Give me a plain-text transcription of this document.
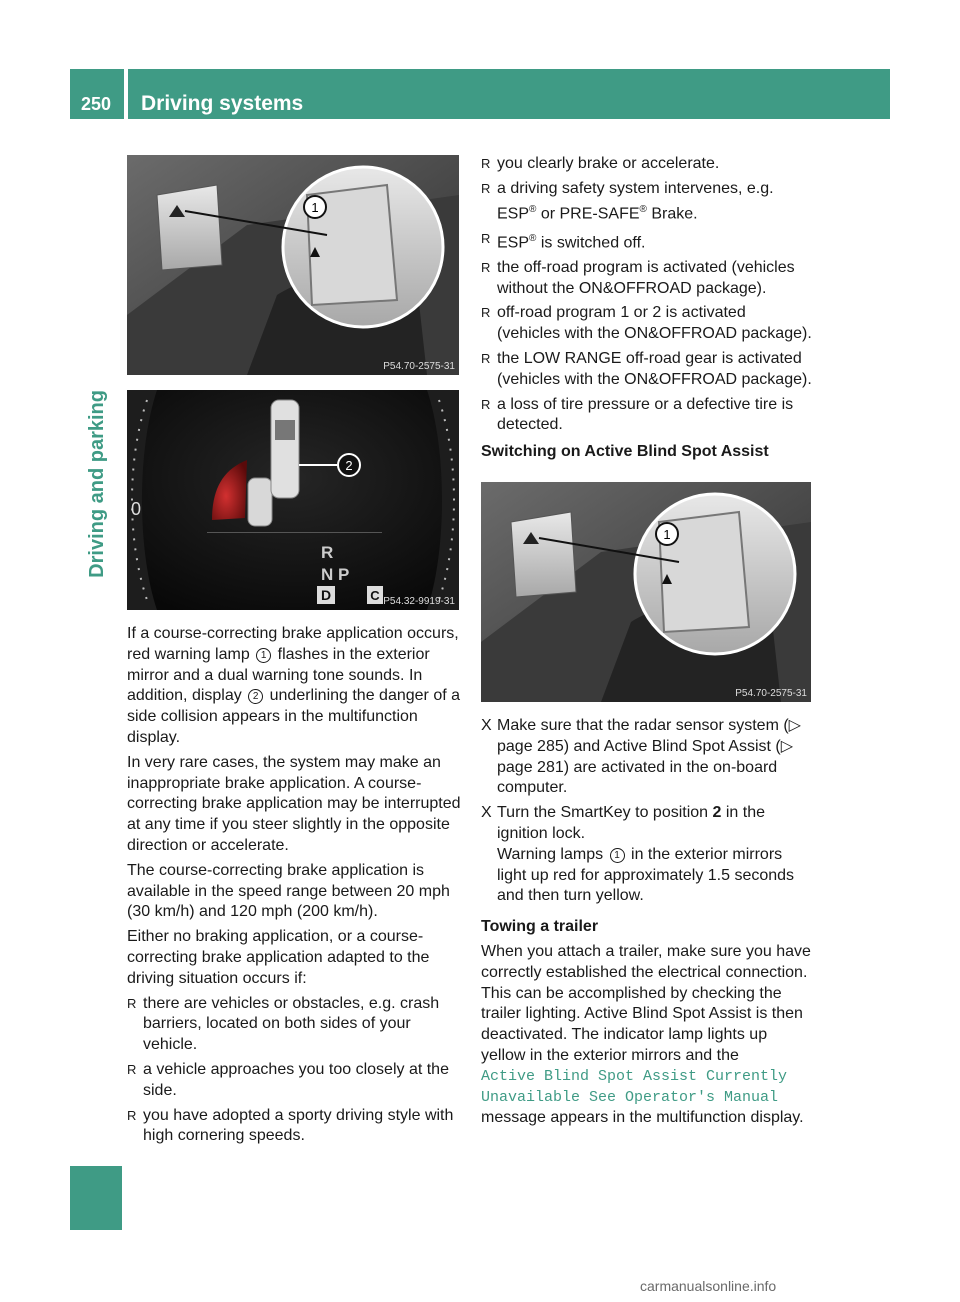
250	Driving systems
Driving and parking
1
P54.70-2575-31
2
R
N P
D	C
0
P54.32-9919-31
1
P54.70-2575-31

If a course-correcting brake application occurs, red warning lamp 1 flashes in the exterior mirror and a dual warning tone sounds. In addition, display 2 underlining the danger of a side collision appears in the multifunction display.

In very rare cases, the system may make an inappropriate brake application. A course-correcting brake application may be interrupted at any time if you steer slightly in the opposite direction or accelerate.

The course-correcting brake application is available in the speed range between 20 mph (30 km/h) and 120 mph (200 km/h).

Either no braking application, or a course-correcting brake application adapted to the driving situation occurs if:

R there are vehicles or obstacles, e.g. crash barriers, located on both sides of your vehicle.
R a vehicle approaches you too closely at the side.
R you have adopted a sporty driving style with high cornering speeds.
R you clearly brake or accelerate.
R a driving safety system intervenes, e.g. ESP® or PRE-SAFE® Brake.
R ESP® is switched off.
R the off-road program is activated (vehicles without the ON&OFFROAD package).
R off-road program 1 or 2 is activated (vehicles with the ON&OFFROAD package).
R the LOW RANGE off-road gear is activated (vehicles with the ON&OFFROAD package).
R a loss of tire pressure or a defective tire is detected.

Switching on Active Blind Spot Assist

X Make sure that the radar sensor system (▷ page 285) and Active Blind Spot Assist (▷ page 281) are activated in the on-board computer.
X Turn the SmartKey to position 2 in the ignition lock.

Warning lamps 1 in the exterior mirrors light up red for approximately 1.5 seconds and then turn yellow.

Towing a trailer

When you attach a trailer, make sure you have correctly established the electrical connection. This can be accomplished by checking the trailer lighting. Active Blind Spot Assist is then deactivated. The indicator lamp lights up yellow in the exterior mirrors and the

Active Blind Spot Assist Currently

Unavailable See Operator's Manual

message appears in the multifunction display.

carmanualsonline.info
